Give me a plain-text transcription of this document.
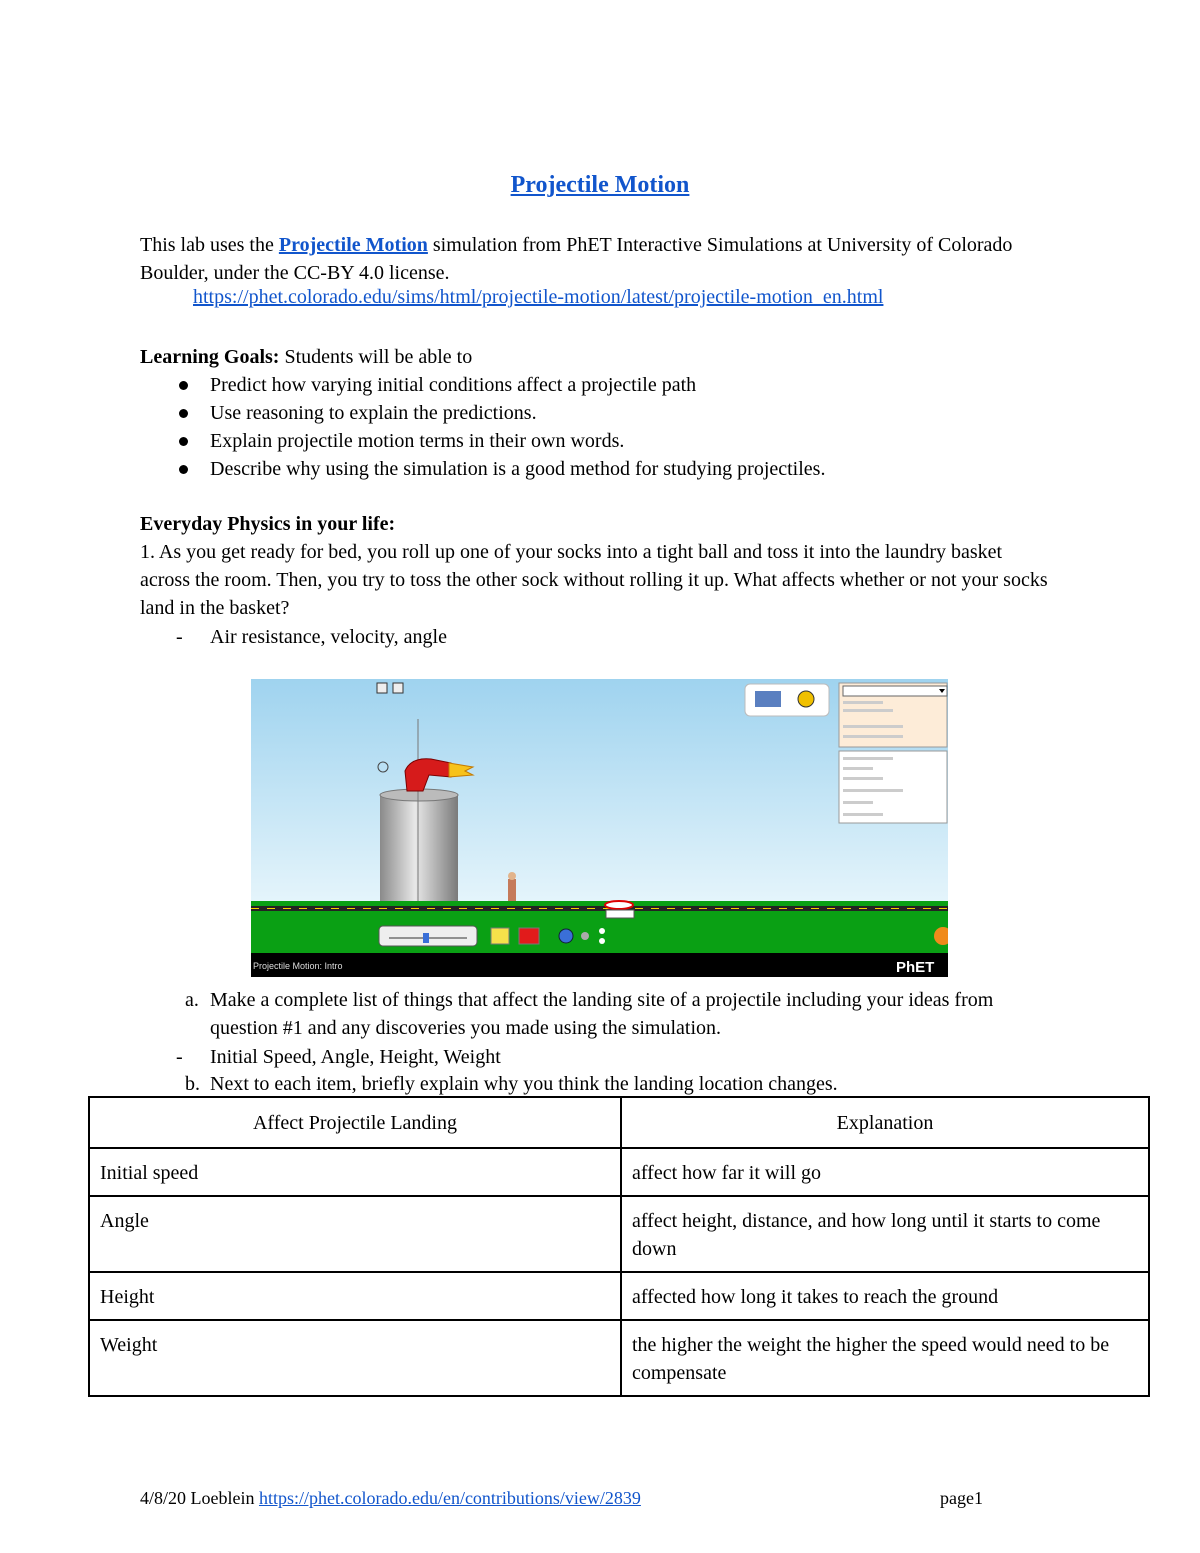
Projectile Motion
This lab uses the Projectile Motion simulation from PhET Interactive Simulations at University of Colorado Boulder, under the CC-BY 4.0 license.
https://phet.colorado.edu/sims/html/projectile-motion/latest/projectile-motion_en.html
Learning Goals: Students will be able to
Predict how varying initial conditions affect a projectile path
Use reasoning to explain the predictions.
Explain projectile motion terms in their own words.
Describe why using the simulation is a good method for studying projectiles.
Everyday Physics in your life:
1. As you get ready for bed, you roll up one of your socks into a tight ball and toss it into the laundry basket across the room. Then, you try to toss the other sock without rolling it up. What affects whether or not your socks land in the basket?
- Air resistance, velocity, angle
Projectile Motion: Intro	PhET
a. Make a complete list of things that affect the landing site of a projectile including your ideas from question #1 and any discoveries you made using the simulation.
- Initial Speed, Angle, Height, Weight
b. Next to each item, briefly explain why you think the landing location changes.
Affect Projectile Landing	Explanation
Initial speed	affect how far it will go
Angle	affect height, distance, and how long until it starts to come down
Height	affected how long it takes to reach the ground
Weight	the higher the weight the higher the speed would need to be compensate
4/8/20 Loeblein https://phet.colorado.edu/en/contributions/view/2839	page1
